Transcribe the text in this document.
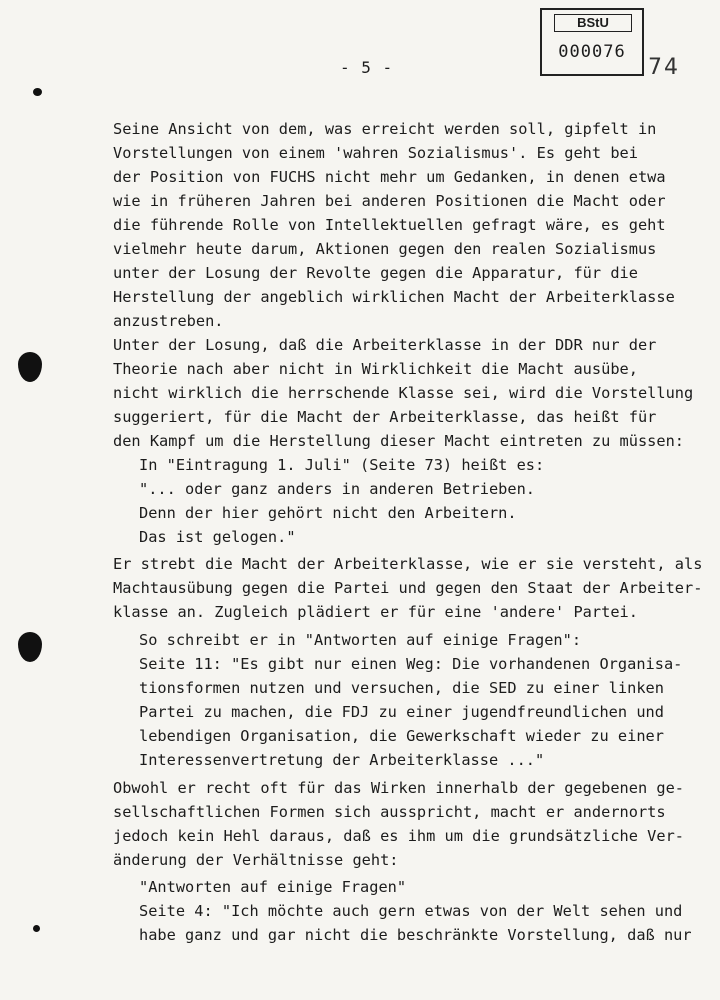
BStU
000076
74
- 5 -
Seine Ansicht von dem, was erreicht werden soll, gipfelt in
Vorstellungen von einem 'wahren Sozialismus'. Es geht bei
der Position von FUCHS nicht mehr um Gedanken, in denen etwa
wie in früheren Jahren bei anderen Positionen die Macht oder
die führende Rolle von Intellektuellen gefragt wäre, es geht
vielmehr heute darum, Aktionen gegen den realen Sozialismus
unter der Losung der Revolte gegen die Apparatur, für die
Herstellung der angeblich wirklichen Macht der Arbeiterklasse
anzustreben.
Unter der Losung, daß die Arbeiterklasse in der DDR nur der
Theorie nach aber nicht in Wirklichkeit die Macht ausübe,
nicht wirklich die herrschende Klasse sei, wird die Vorstellung
suggeriert, für die Macht der Arbeiterklasse, das heißt für
den Kampf um die Herstellung dieser Macht eintreten zu müssen:
In "Eintragung 1. Juli" (Seite 73) heißt es:
"... oder ganz anders in anderen Betrieben.
Denn der hier gehört nicht den Arbeitern.
Das ist gelogen."
Er strebt die Macht der Arbeiterklasse, wie er sie versteht, als
Machtausübung gegen die Partei und gegen den Staat der Arbeiter-
klasse an. Zugleich plädiert er für eine 'andere' Partei.
So schreibt er in "Antworten auf einige Fragen":
Seite 11: "Es gibt nur einen Weg: Die vorhandenen Organisa-
tionsformen nutzen und versuchen, die SED zu einer linken
Partei zu machen, die FDJ zu einer jugendfreundlichen und
lebendigen Organisation, die Gewerkschaft wieder zu einer
Interessenvertretung der Arbeiterklasse ..."
Obwohl er recht oft für das Wirken innerhalb der gegebenen ge-
sellschaftlichen Formen sich ausspricht, macht er andernorts
jedoch kein Hehl daraus, daß es ihm um die grundsätzliche Ver-
änderung der Verhältnisse geht:
"Antworten auf einige Fragen"
Seite 4: "Ich möchte auch gern etwas von der Welt sehen und
habe ganz und gar nicht die beschränkte Vorstellung, daß nur
